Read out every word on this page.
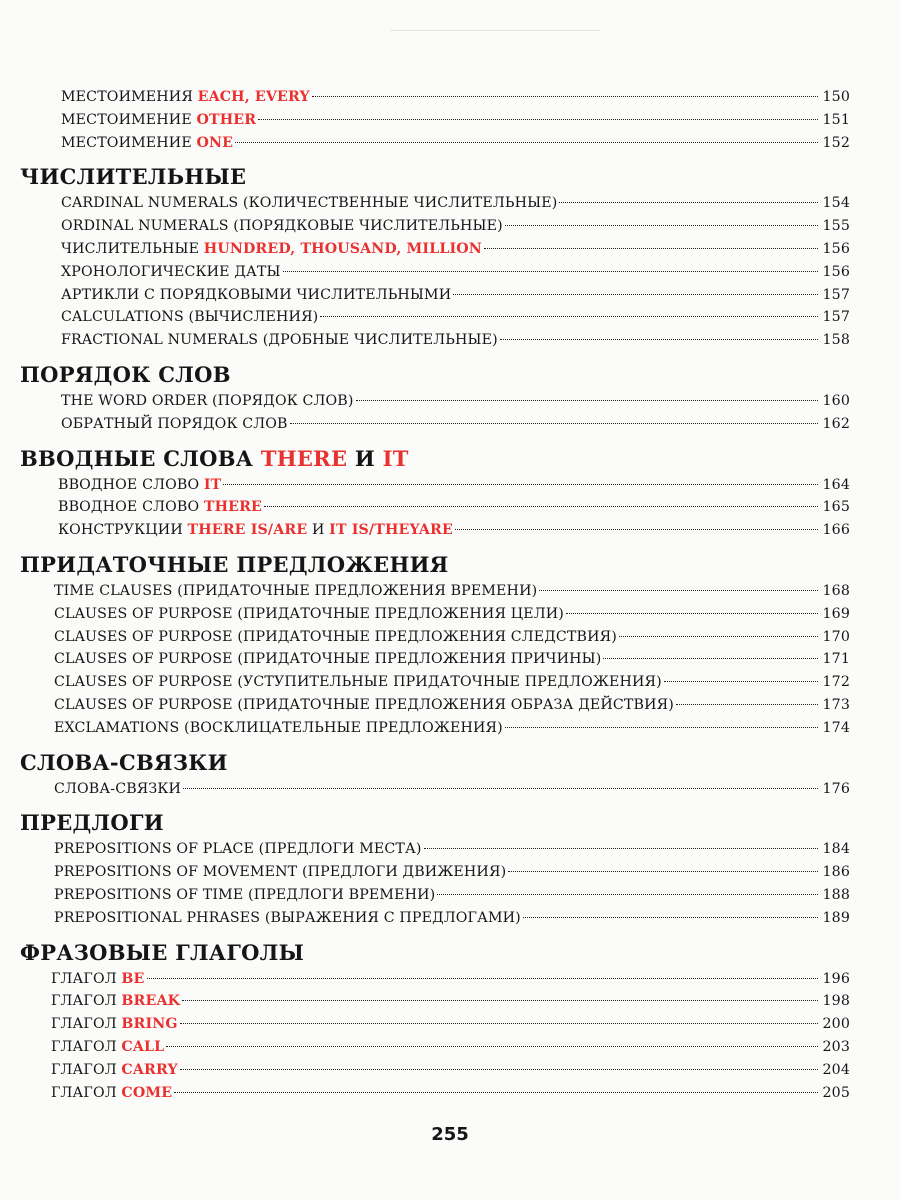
МЕСТОИМЕНИЯ EACH, EVERY	150
МЕСТОИМЕНИЕ OTHER	151
МЕСТОИМЕНИЕ ONE	152
ЧИСЛИТЕЛЬНЫЕ
CARDINAL NUMERALS (КОЛИЧЕСТВЕННЫЕ ЧИСЛИТЕЛЬНЫЕ)	154
ORDINAL NUMERALS (ПОРЯДКОВЫЕ ЧИСЛИТЕЛЬНЫЕ)	155
ЧИСЛИТЕЛЬНЫЕ HUNDRED, THOUSAND, MILLION	156
ХРОНОЛОГИЧЕСКИЕ ДАТЫ	156
АРТИКЛИ С ПОРЯДКОВЫМИ ЧИСЛИТЕЛЬНЫМИ	157
CALCULATIONS (ВЫЧИСЛЕНИЯ)	157
FRACTIONAL NUMERALS (ДРОБНЫЕ ЧИСЛИТЕЛЬНЫЕ)	158
ПОРЯДОК СЛОВ
THE WORD ORDER (ПОРЯДОК СЛОВ)	160
ОБРАТНЫЙ ПОРЯДОК СЛОВ	162
ВВОДНЫЕ СЛОВА THERE И IT
ВВОДНОЕ СЛОВО IT	164
ВВОДНОЕ СЛОВО THERE	165
КОНСТРУКЦИИ THERE IS/ARE И IT IS/THEYARE	166
ПРИДАТОЧНЫЕ ПРЕДЛОЖЕНИЯ
TIME CLAUSES (ПРИДАТОЧНЫЕ ПРЕДЛОЖЕНИЯ ВРЕМЕНИ)	168
CLAUSES OF PURPOSE (ПРИДАТОЧНЫЕ ПРЕДЛОЖЕНИЯ ЦЕЛИ)	169
CLAUSES OF PURPOSE (ПРИДАТОЧНЫЕ ПРЕДЛОЖЕНИЯ СЛЕДСТВИЯ)	170
CLAUSES OF PURPOSE (ПРИДАТОЧНЫЕ ПРЕДЛОЖЕНИЯ ПРИЧИНЫ)	171
CLAUSES OF PURPOSE (УСТУПИТЕЛЬНЫЕ ПРИДАТОЧНЫЕ ПРЕДЛОЖЕНИЯ)	172
CLAUSES OF PURPOSE (ПРИДАТОЧНЫЕ ПРЕДЛОЖЕНИЯ ОБРАЗА ДЕЙСТВИЯ)	173
EXCLAMATIONS (ВОСКЛИЦАТЕЛЬНЫЕ ПРЕДЛОЖЕНИЯ)	174
СЛОВА-СВЯЗКИ
СЛОВА-СВЯЗКИ	176
ПРЕДЛОГИ
PREPOSITIONS OF PLACE (ПРЕДЛОГИ МЕСТА)	184
PREPOSITIONS OF MOVEMENT (ПРЕДЛОГИ ДВИЖЕНИЯ)	186
PREPOSITIONS OF TIME (ПРЕДЛОГИ ВРЕМЕНИ)	188
PREPOSITIONAL PHRASES (ВЫРАЖЕНИЯ С ПРЕДЛОГАМИ)	189
ФРАЗОВЫЕ ГЛАГОЛЫ
ГЛАГОЛ BE	196
ГЛАГОЛ BREAK	198
ГЛАГОЛ BRING	200
ГЛАГОЛ CALL	203
ГЛАГОЛ CARRY	204
ГЛАГОЛ COME	205
255
